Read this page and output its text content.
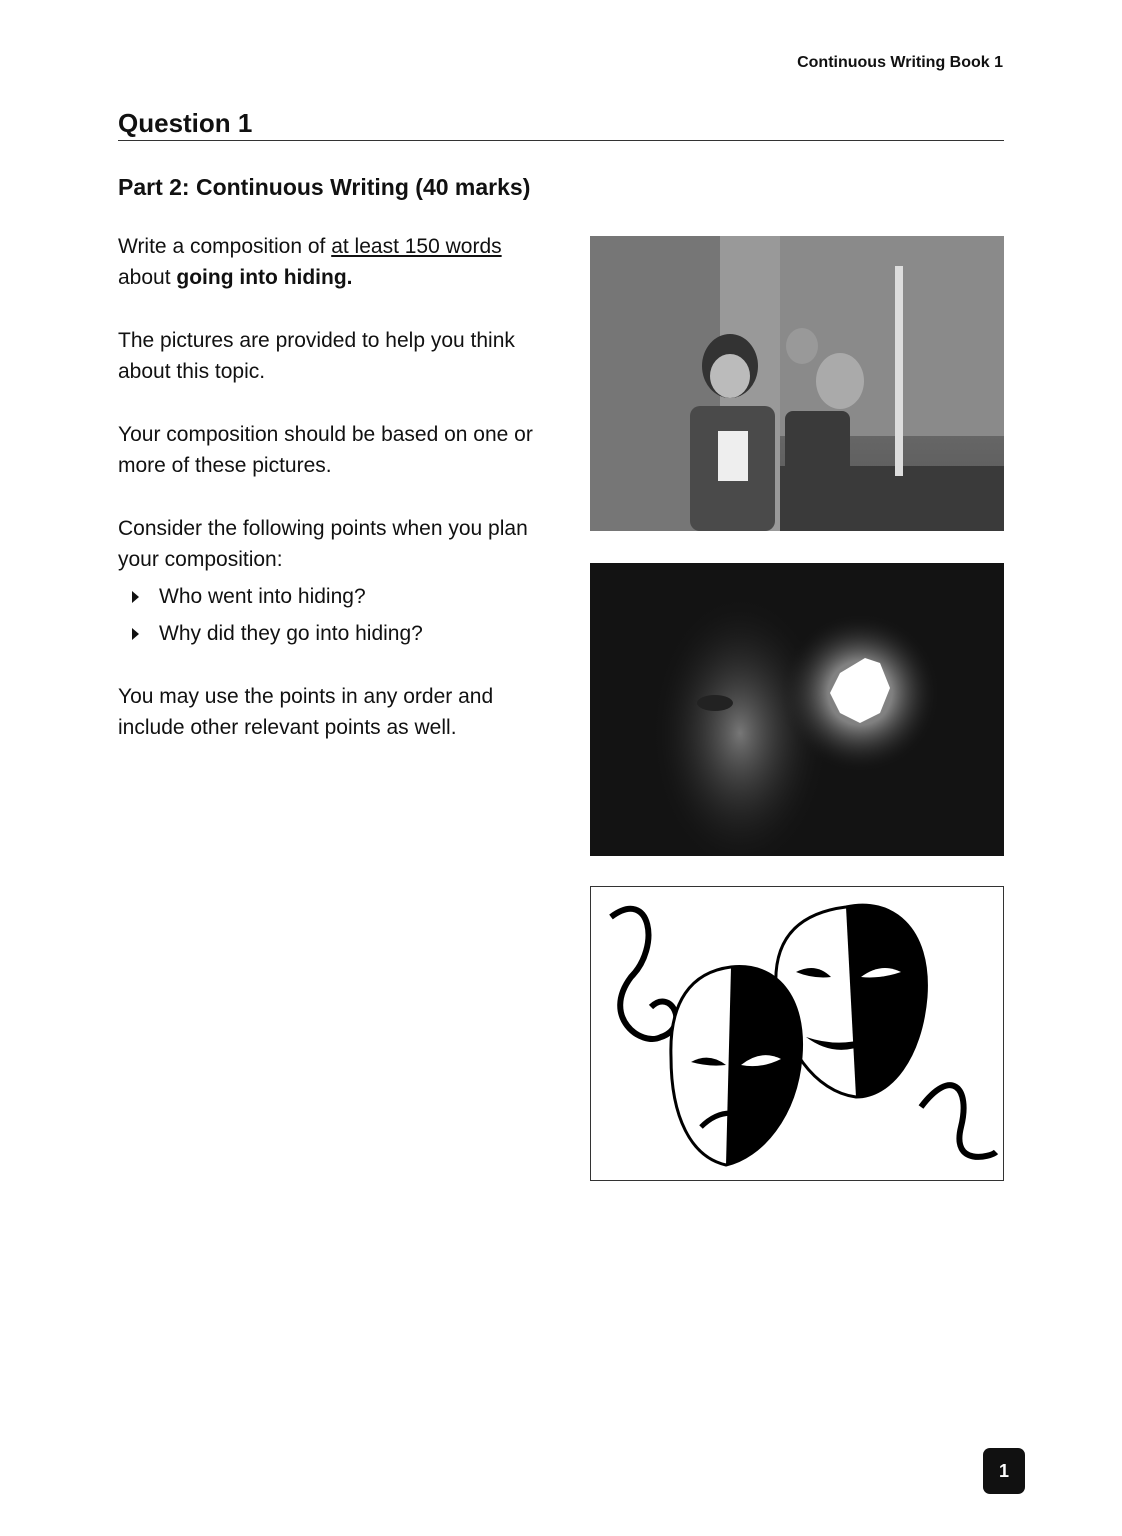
Continuous Writing Book 1
Question 1
Part 2: Continuous Writing (40 marks)

Write a composition of at least 150 words about going into hiding.

The pictures are provided to help you think about this topic.

Your composition should be based on one or more of these pictures.

Consider the following points when you plan your composition:

Who went into hiding?
Why did they go into hiding?

You may use the points in any order and include other relevant points as well.

1
